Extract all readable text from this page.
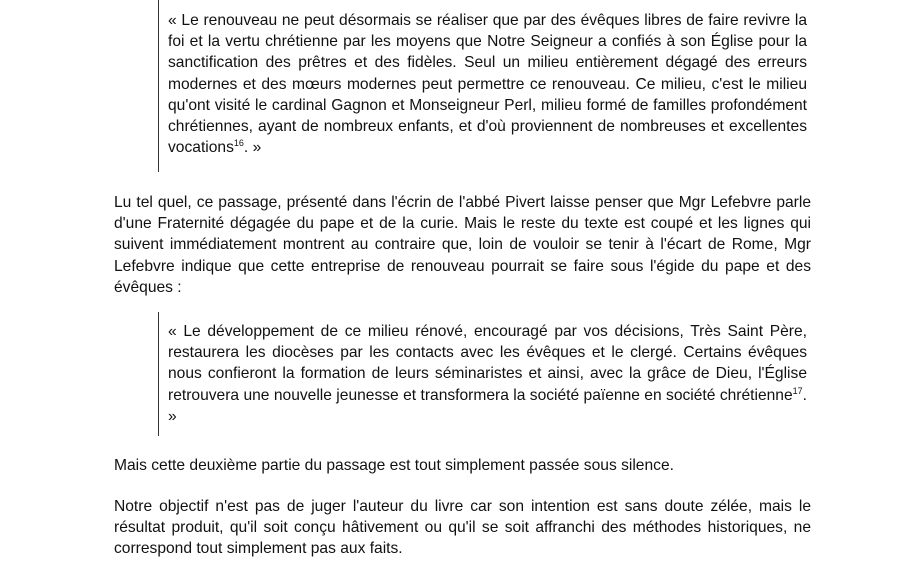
« Le renouveau ne peut désormais se réaliser que par des évêques libres de faire revivre la foi et la vertu chrétienne par les moyens que Notre Seigneur a confiés à son Église pour la sanctification des prêtres et des fidèles. Seul un milieu entièrement dégagé des erreurs modernes et des mœurs modernes peut permettre ce renouveau. Ce milieu, c'est le milieu qu'ont visité le cardinal Gagnon et Monseigneur Perl, milieu formé de familles profondément chrétiennes, ayant de nombreux enfants, et d'où proviennent de nombreuses et excellentes vocations$^{16}$. »

Lu tel quel, ce passage, présenté dans l'écrin de l'abbé Pivert laisse penser que Mgr Lefebvre parle d'une Fraternité dégagée du pape et de la curie. Mais le reste du texte est coupé et les lignes qui suivent immédiatement montrent au contraire que, loin de vouloir se tenir à l'écart de Rome, Mgr Lefebvre indique que cette entreprise de renouveau pourrait se faire sous l'égide du pape et des évêques :

« Le développement de ce milieu rénové, encouragé par vos décisions, Très Saint Père, restaurera les diocèses par les contacts avec les évêques et le clergé. Certains évêques nous confieront la formation de leurs séminaristes et ainsi, avec la grâce de Dieu, l'Église retrouvera une nouvelle jeunesse et transformera la société païenne en société chrétienne$^{17}$. »

Mais cette deuxième partie du passage est tout simplement passée sous silence.

Notre objectif n'est pas de juger l'auteur du livre car son intention est sans doute zélée, mais le résultat produit, qu'il soit conçu hâtivement ou qu'il se soit affranchi des méthodes historiques, ne correspond tout simplement pas aux faits.
